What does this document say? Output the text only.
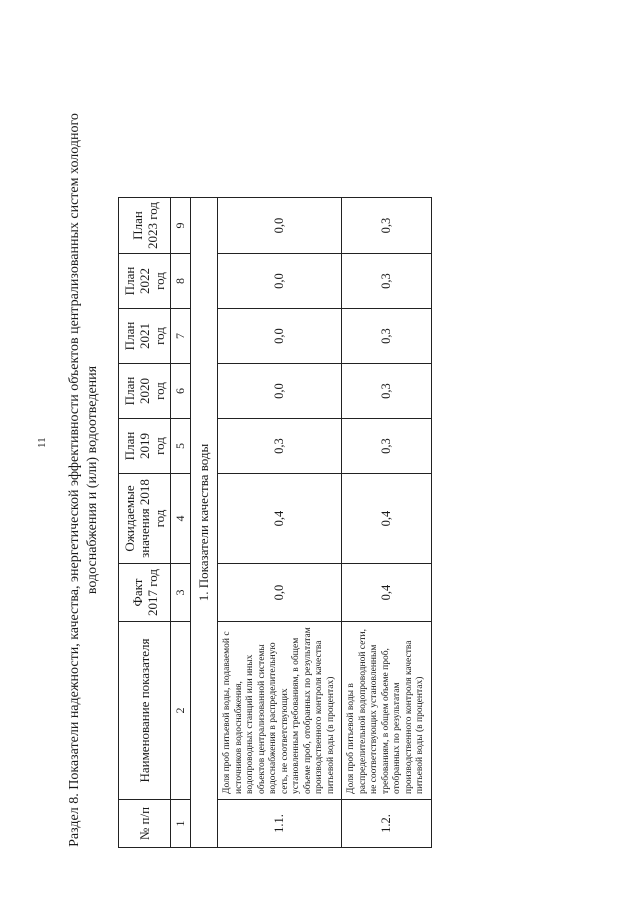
11 Раздел 8. Показатели надежности, качества, энергетической эффективности объектов централизованных систем холодного водоснабжения и (или) водоотведения
№ п/п	Наименование показателя	Факт 2017 год	Ожидаемые значения 2018 год	План 2019 год	План 2020 год	План 2021 год	План 2022 год	План 2023 год
1	2	3	4	5	6	7	8	9
1. Показатели качества воды								
1.1.	Доля проб питьевой воды, подаваемой с источников водоснабжения, водопроводных станций или иных объектов централизованной системы водоснабжения в распределительную сеть, не соответствующих установленным требованиям, в общем объеме проб, отобранных по результатам производственного контроля качества питьевой воды (в процентах)	0,0	0,4	0,3	0,0	0,0	0,0	0,0
1.2.	Доля проб питьевой воды в распределительной водопроводной сети, не соответствующих установленным требованиям, в общем объеме проб, отобранных по результатам производственного контроля качества питьевой воды (в процентах)	0,4	0,4	0,3	0,3	0,3	0,3	0,3
